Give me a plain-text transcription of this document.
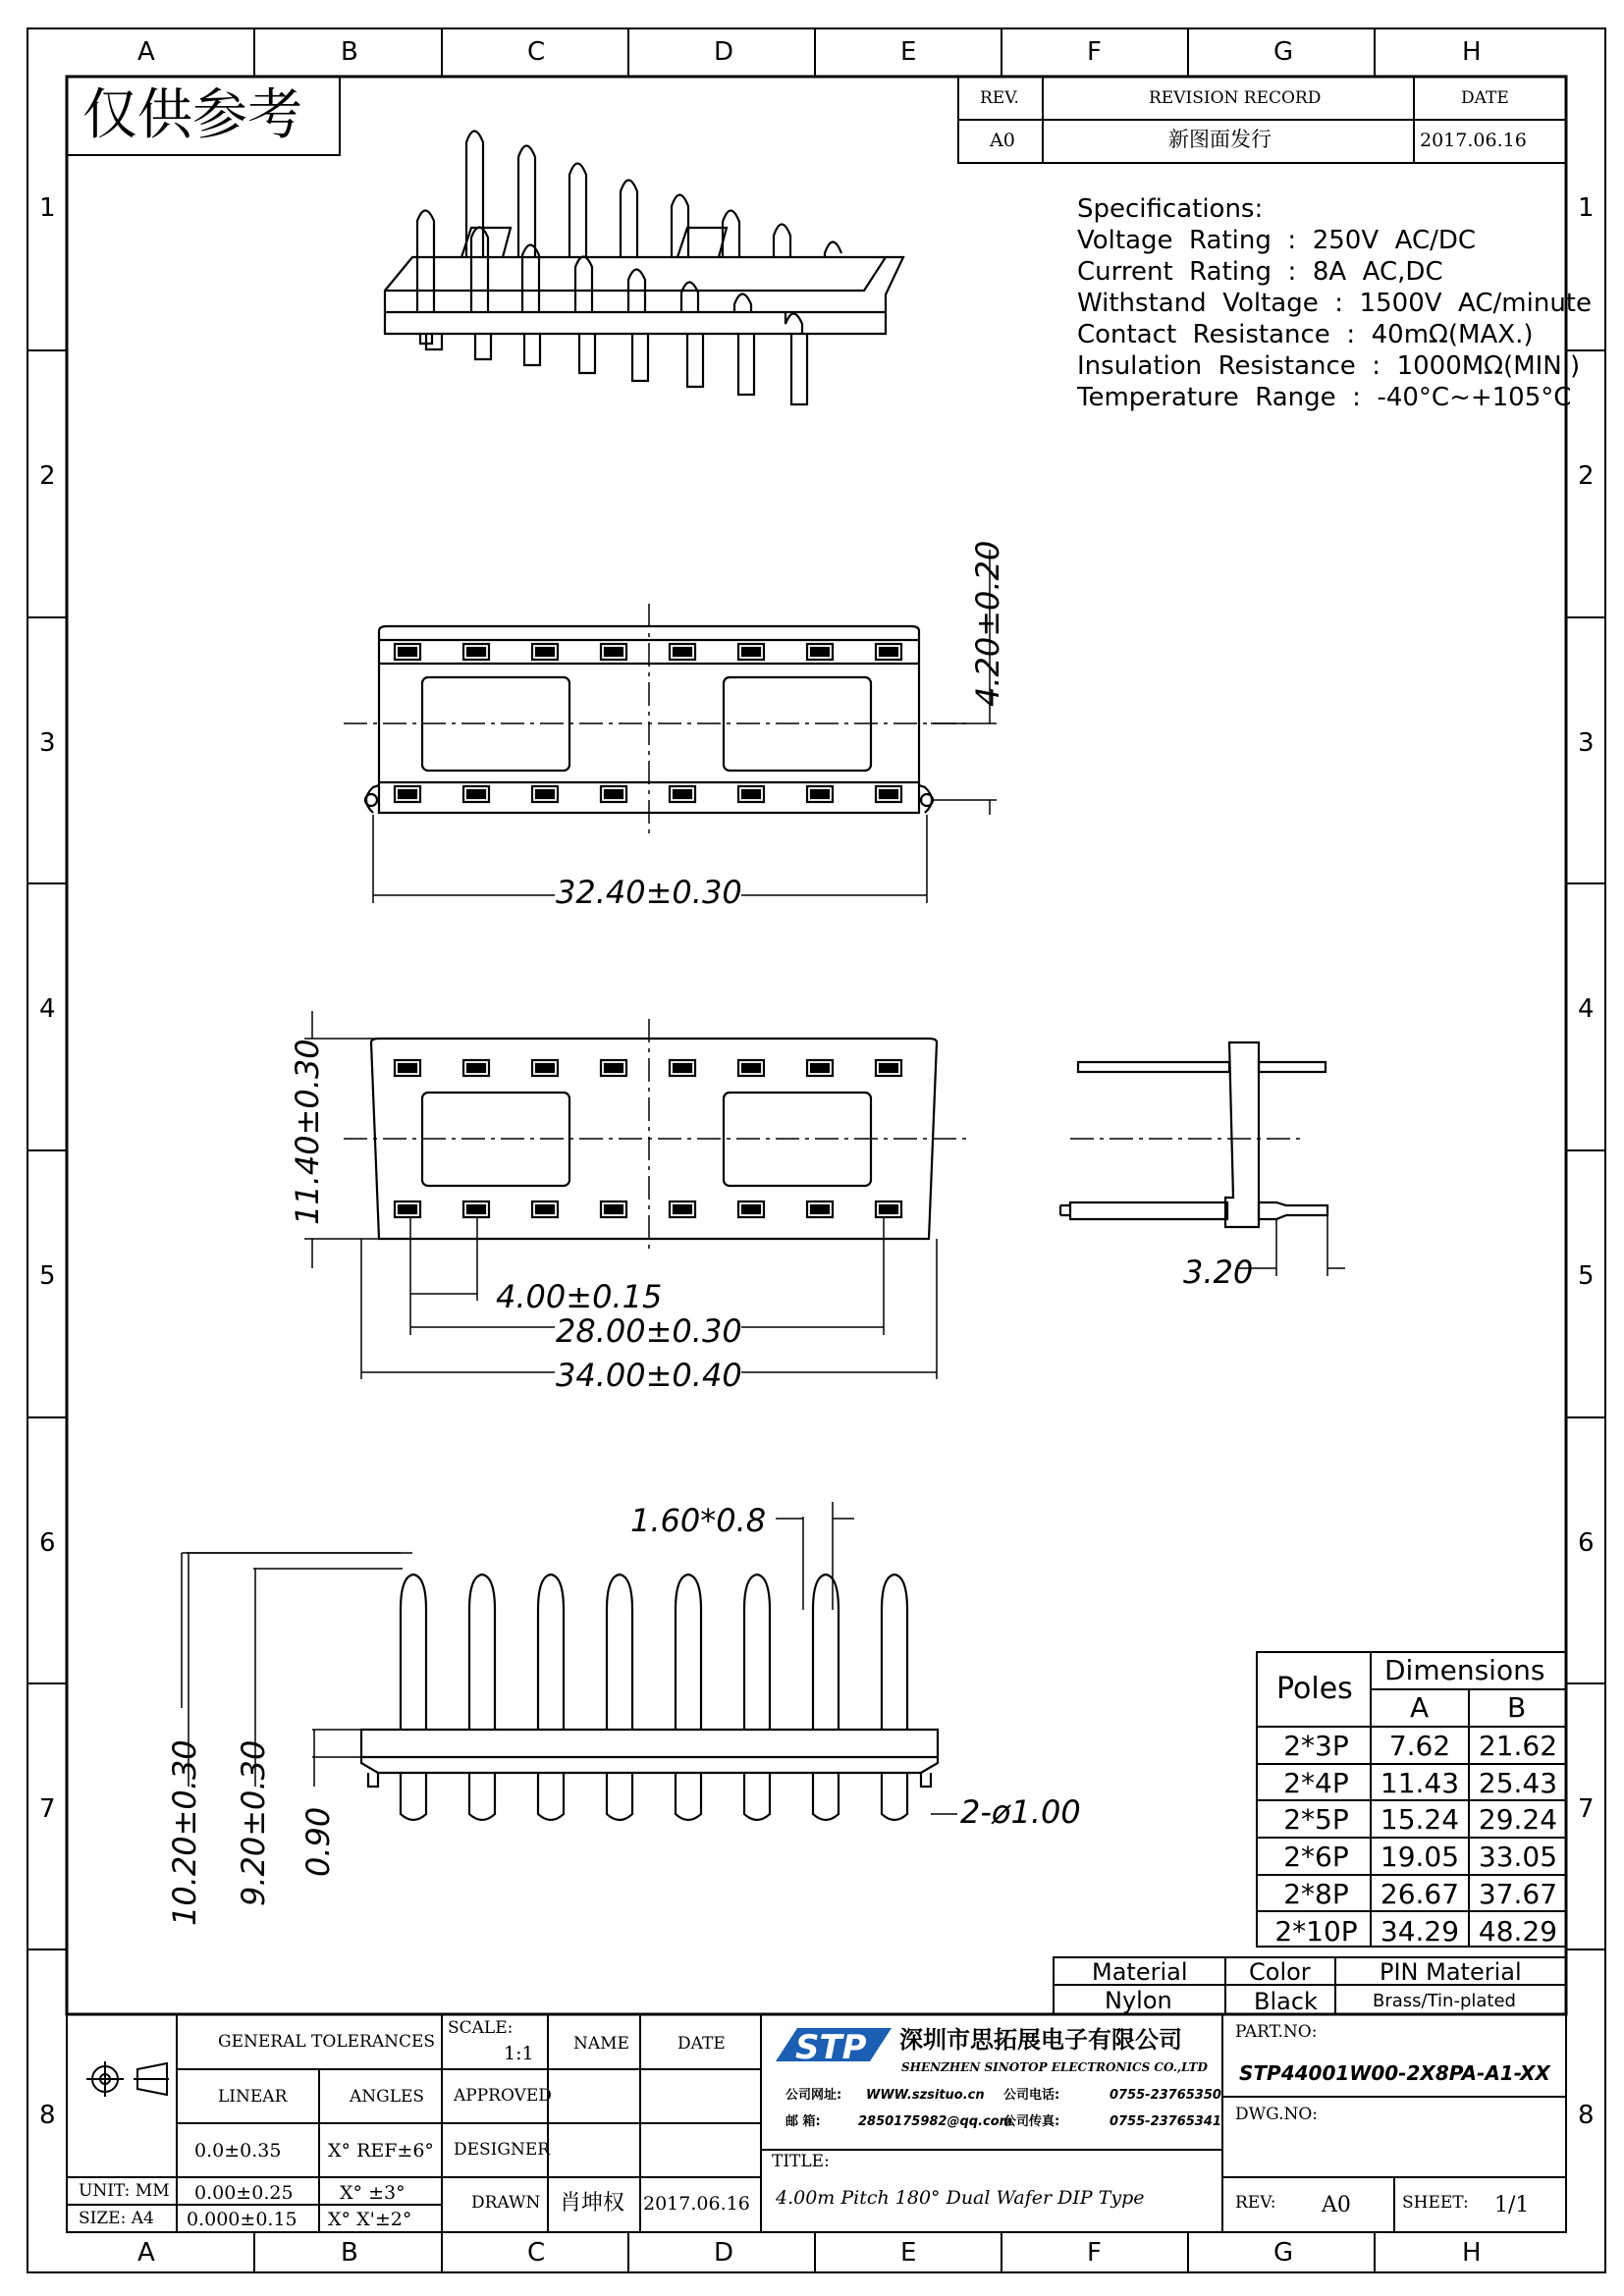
A
A
B
B
C
C
D
D
E
E
F
F
G
G
H
H
1	1
2	2
3	3
4	4
5	5
6	6
7	7
8	8
仅供参考	REV.	REVISION RECORD	DATE
A0	新图面发行	2017.06.16
Specifications:
Voltage  Rating  :  250V  AC/DC
Current  Rating  :  8A  AC,DC
Withstand  Voltage  :  1500V  AC/minute
Contact  Resistance  :  40mΩ(MAX.)
Insulation  Resistance  :  1000MΩ(MIN.)
Temperature  Range  :  -40°C~+105°C
4.20±0.20
32.40±0.30
11.40±0.30
4.00±0.15
28.00±0.30
34.00±0.40
3.20
1.60*0.8
10.20±0.30 9.20±0.30 0.90	2-ø1.00
Poles
Dimensions
A	B
2*3P	7.62	21.62
2*4P	11.43 25.43
2*5P	15.24 29.24
2*6P	19.05 33.05
2*8P	26.67 37.67
2*10P 34.29 48.29
Material	Color	PIN Material
Nylon	Black	Brass/Tin-plated
GENERAL TOLERANCES
LINEAR	ANGLES
0.0±0.35	X° REF±6°
UNIT: MM 0.00±0.25 X° ±3°
SIZE: A4 0.000±0.15 X° X'±2°
SCALE:
1:1 NAME	DATE
APPROVED
DESIGNER
DRAWN 肖坤权 2017.06.16
STP 深圳市思拓展电子有限公司
SHENZHEN SINOTOP ELECTRONICS CO.,LTD
公司网址: WWW.szsituo.cn 公司电话:	0755-23765350
邮 箱:	2850175982@qq.com
公司传真:	0755-23765341
TITLE:
4.00m Pitch 180° Dual Wafer DIP Type
PART.NO:
STP44001W00-2X8PA-A1-XX
DWG.NO:
REV: A0	SHEET: 1/1
